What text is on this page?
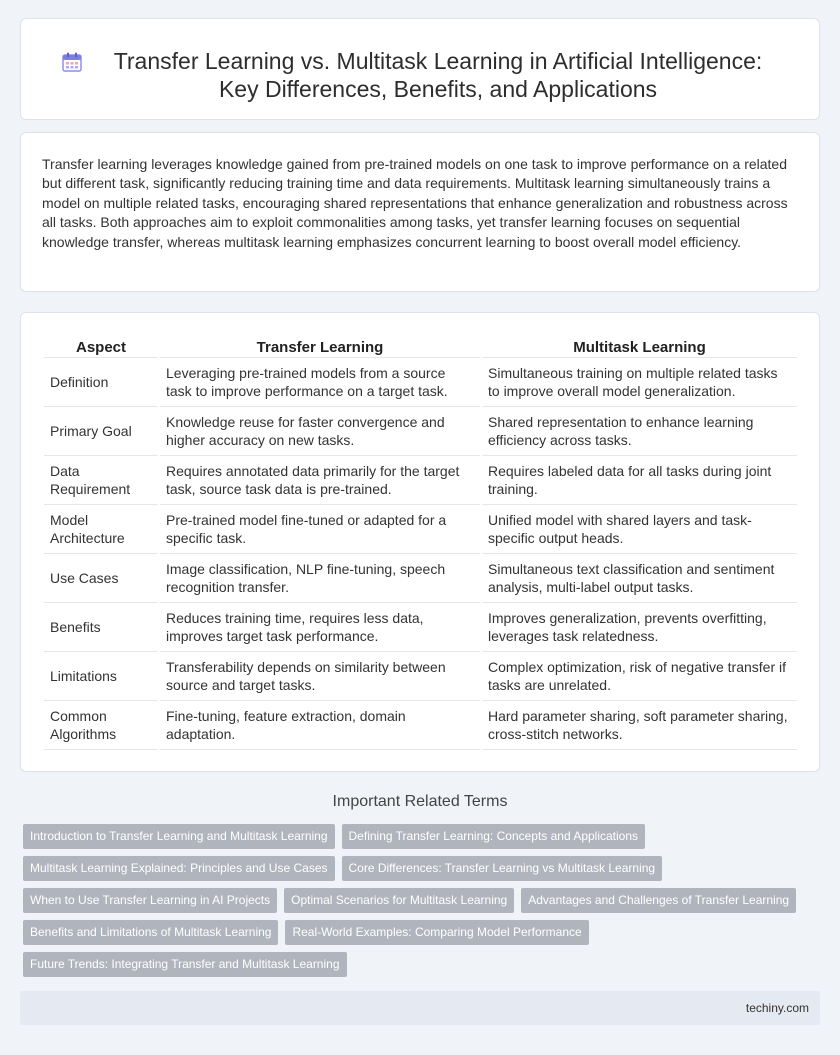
Transfer Learning vs. Multitask Learning in Artificial Intelligence: Key Differences, Benefits, and Applications

Transfer learning leverages knowledge gained from pre-trained models on one task to improve performance on a related but different task, significantly reducing training time and data requirements. Multitask learning simultaneously trains a model on multiple related tasks, encouraging shared representations that enhance generalization and robustness across all tasks. Both approaches aim to exploit commonalities among tasks, yet transfer learning focuses on sequential knowledge transfer, whereas multitask learning emphasizes concurrent learning to boost overall model efficiency.

Aspect	Transfer Learning	Multitask Learning
Definition	Leveraging pre-trained models from a source task to improve performance on a target task.	Simultaneous training on multiple related tasks to improve overall model generalization.
Primary Goal	Knowledge reuse for faster convergence and higher accuracy on new tasks.	Shared representation to enhance learning efficiency across tasks.
Data Requirement	Requires annotated data primarily for the target task, source task data is pre-trained.	Requires labeled data for all tasks during joint training.
Model Architecture	Pre-trained model fine-tuned or adapted for a specific task.	Unified model with shared layers and task-specific output heads.
Use Cases	Image classification, NLP fine-tuning, speech recognition transfer.	Simultaneous text classification and sentiment analysis, multi-label output tasks.
Benefits	Reduces training time, requires less data, improves target task performance.	Improves generalization, prevents overfitting, leverages task relatedness.
Limitations	Transferability depends on similarity between source and target tasks.	Complex optimization, risk of negative transfer if tasks are unrelated.
Common Algorithms	Fine-tuning, feature extraction, domain adaptation.	Hard parameter sharing, soft parameter sharing, cross-stitch networks.
Important Related Terms
Introduction to Transfer Learning and Multitask Learning	Defining Transfer Learning: Concepts and Applications
Multitask Learning Explained: Principles and Use Cases	Core Differences: Transfer Learning vs Multitask Learning
When to Use Transfer Learning in AI Projects	Optimal Scenarios for Multitask Learning	Advantages and Challenges of Transfer Learning
Benefits and Limitations of Multitask Learning	Real-World Examples: Comparing Model Performance
Future Trends: Integrating Transfer and Multitask Learning
techiny.com
